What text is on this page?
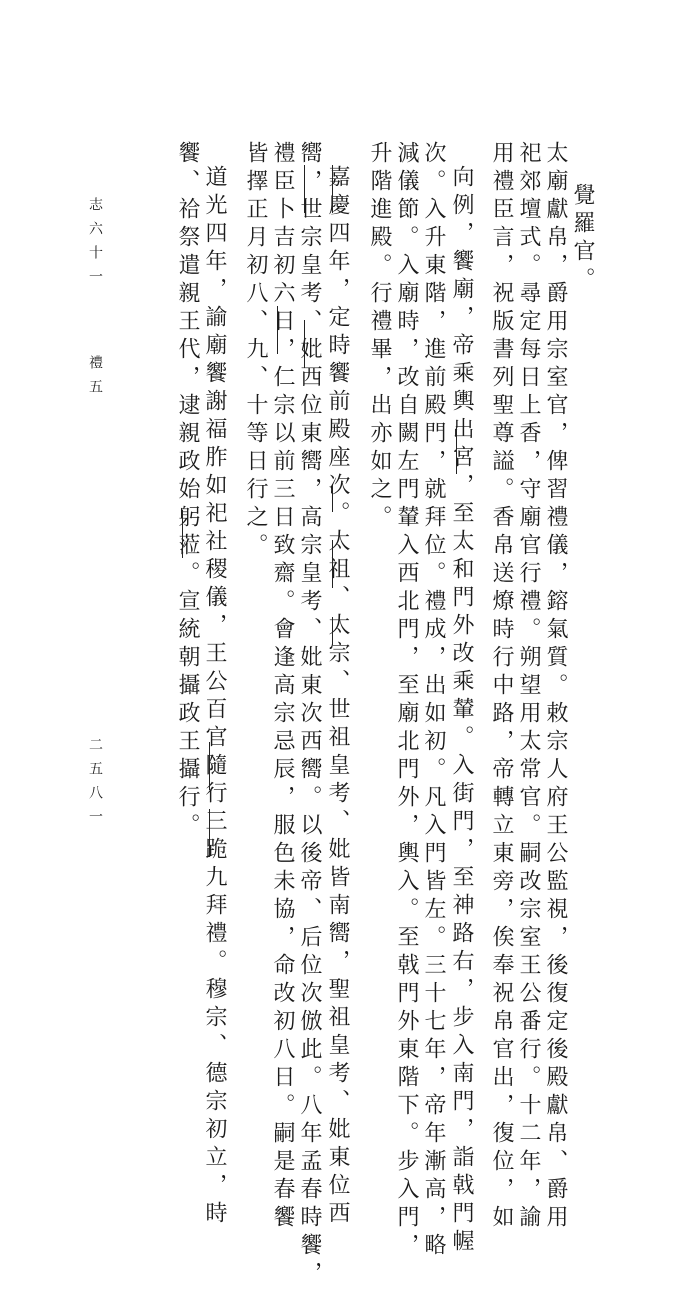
覺羅官。
太廟獻帛，爵用宗室官，俾習禮儀，鎔氣質。敕宗人府王公監視，後復定後殿獻帛、爵用
祀郊壇式。尋定每日上香，守廟官行禮。朔望用太常官。嗣改宗室王公番行。十二年，諭
用禮臣言，祝版書列聖尊謚。香帛送燎時行中路，帝轉立東旁，俟奉祝帛官出，復位，如
向例，饗廟，帝乘輿出宮，至太和門外改乘輦。入街門，至神路右，步入南門，詣戟門幄
次。入升東階，進前殿門，就拜位。禮成，出如初。凡入門皆左。三十七年，帝年漸高，略
減儀節。入廟時，改自闕左門輦入西北門，至廟北門外，輿入。至戟門外東階下。步入門，
升階進殿。行禮畢，出亦如之。
嘉慶四年，定時饗前殿座次。太祖、太宗、世祖皇考、妣皆南嚮，聖祖皇考、妣東位西
嚮，世宗皇考、妣西位東嚮，高宗皇考、妣東次西嚮。以後帝、后位次倣此。八年孟春時饗，
禮臣卜吉初六日，仁宗以前三日致齋。會逢高宗忌辰，服色未協，命改初八日。嗣是春饗
皆擇正月初八、九、十等日行之。
道光四年，諭廟饗謝福胙如祀社稷儀，王公百官隨行三跪九拜禮。穆宗、德宗初立，時
饗、祫祭遣親王代，逮親政始躬蒞。宣統朝攝政王攝行。
志六十一
禮五
二五八一
